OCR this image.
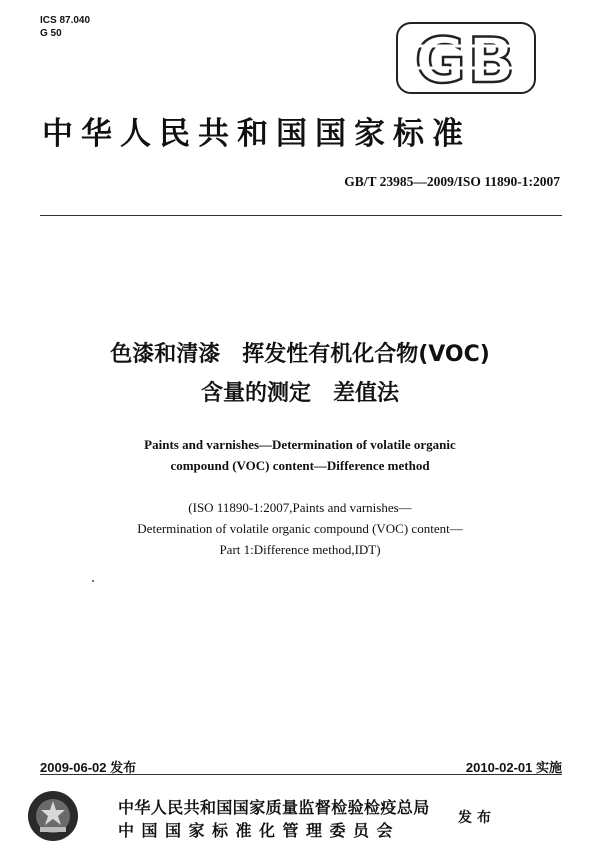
ICS 87.040
G 50	GB
中华人民共和国国家标准
GB/T 23985—2009/ISO 11890-1:2007
色漆和清漆　挥发性有机化合物(VOC)
含量的测定　差值法
Paints and varnishes—Determination of volatile organic
compound (VOC) content—Difference method
(ISO 11890-1:2007,Paints and varnishes—
Determination of volatile organic compound (VOC) content—
Part 1:Difference method,IDT)
2009-06-02 发布	2010-02-01 实施
中华人民共和国国家质量监督检验检疫总局
中国国家标准化管理委员会
发布
